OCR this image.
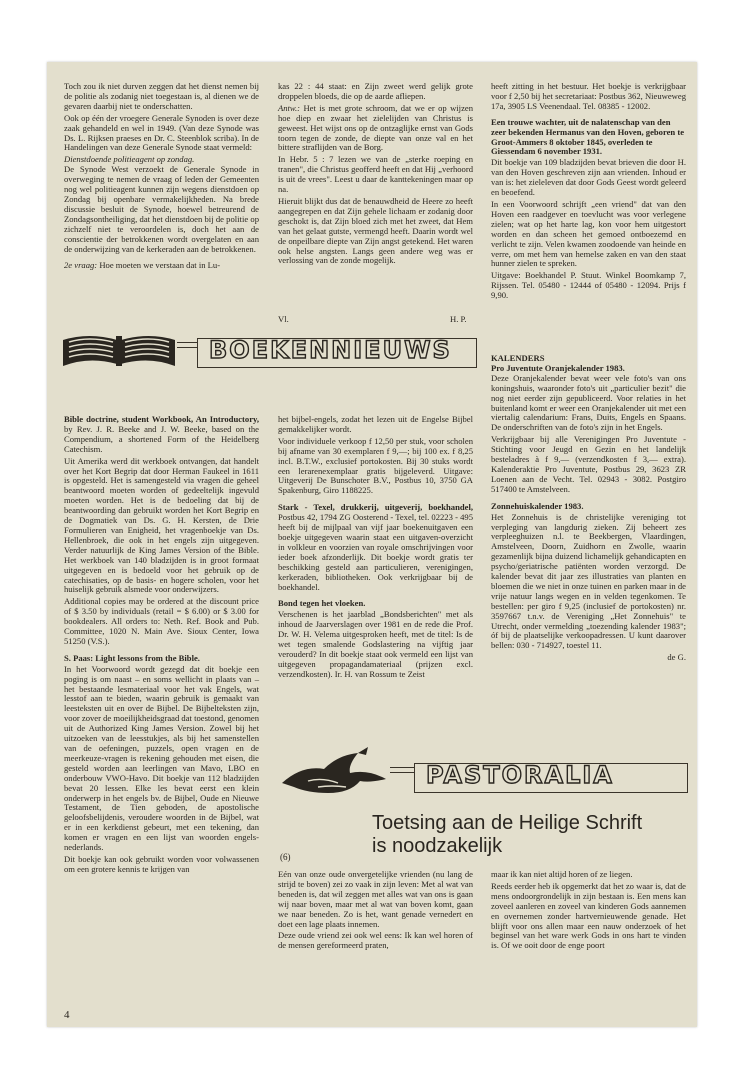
Toch zou ik niet durven zeggen dat het dienst nemen bij de politie als zodanig niet toegestaan is, al dienen we de gevaren daarbij niet te onderschatten.

Ook op één der vroegere Generale Synoden is over deze zaak gehandeld en wel in 1949. (Van deze Synode was Ds. L. Rijksen praeses en Dr. C. Steenblok scriba). In de Handelingen van deze Generale Synode staat vermeld:

Dienstdoende politieagent op zondag.

De Synode West verzoekt de Generale Synode in overweging te nemen de vraag of leden der Gemeenten nog wel politieagent kunnen zijn wegens dienstdoen op Zondag bij openbare vermakelijkheden. Na brede discussie besluit de Synode, hoewel betreurend de Zondagsontheiliging, dat het dienstdoen bij de politie op zichzelf niet te veroordelen is, doch het aan de conscientie der betrokkenen wordt overgelaten en aan de onderwijzing van de kerkeraden aan de betrokkenen.

2e vraag: Hoe moeten we verstaan dat in Lu-

kas 22 : 44 staat: en Zijn zweet werd gelijk grote droppelen bloeds, die op de aarde afliepen.

Antw.: Het is met grote schroom, dat we er op wijzen hoe diep en zwaar het zielelijden van Christus is geweest. Het wijst ons op de ontzaglijke ernst van Gods toorn tegen de zonde, de diepte van onze val en het bittere straflijden van de Borg.

In Hebr. 5 : 7 lezen we van de „sterke roeping en tranen", die Christus geofferd heeft en dat Hij „verhoord is uit de vrees". Leest u daar de kanttekeningen maar op na.

Hieruit blijkt dus dat de benauwdheid de Heere zo heeft aangegrepen en dat Zijn gehele lichaam er zodanig door geschokt is, dat Zijn bloed zich met het zweet, dat Hem van het gelaat gutste, vermengd heeft. Daarin wordt wel de onpeilbare diepte van Zijn angst getekend. Het waren ook helse angsten. Langs geen andere weg was er verlossing van de zonde mogelijk.

Vl.	H. P.

heeft zitting in het bestuur. Het boekje is verkrijgbaar voor f 2,50 bij het secretariaat: Postbus 362, Nieuweweg 17a, 3905 LS Veenendaal. Tel. 08385 - 12002.

Een trouwe wachter, uit de nalatenschap van den zeer bekenden Hermanus van den Hoven, geboren te Groot-Ammers 8 oktober 1845, overleden te Giessendam 6 november 1931.

Dit boekje van 109 bladzijden bevat brieven die door H. van den Hoven geschreven zijn aan vrienden. Inhoud er van is: het zieleleven dat door Gods Geest wordt geleerd en beoefend.

In een Voorwoord schrijft „een vriend" dat van den Hoven een raadgever en toevlucht was voor verlegene zielen; wat op het harte lag, kon voor hem uitgestort worden en dan scheen het gemoed ontboezemd en verlicht te zijn. Velen kwamen zoodoende van heinde en verre, om met hem van hemelse zaken en van den staat hunner zielen te spreken.

Uitgave: Boekhandel P. Stuut. Winkel Boomkamp 7, Rijssen. Tel. 05480 - 12444 of 05480 - 12094. Prijs f 9,90.

BOEKENNIEUWS

Bible doctrine, student Workbook, An Introductory, by Rev. J. R. Beeke and J. W. Beeke, based on the Compendium, a shortened Form of the Heidelberg Catechism.

Uit Amerika werd dit werkboek ontvangen, dat handelt over het Kort Begrip dat door Herman Faukeel in 1611 is opgesteld. Het is samengesteld via vragen die geheel beantwoord moeten worden of gedeeltelijk ingevuld moeten worden. Het is de bedoeling dat bij de beantwoording dan gebruikt worden het Kort Begrip en de Dogmatiek van Ds. G. H. Kersten, de Drie Formulieren van Enigheid, het vragenboekje van Ds. Hellenbroek, die ook in het engels zijn uitgegeven. Verder natuurlijk de King James Version of the Bible. Het werkboek van 140 bladzijden is in groot formaat uitgegeven en is bedoeld voor het gebruik op de catechisaties, op de basis- en hogere scholen, voor het huiselijk gebruik alsmede voor onderwijzers.

Additional copies may be ordered at the discount price of $ 3.50 by individuals (retail = $ 6.00) or $ 3.00 for bookdealers. All orders to: Neth. Ref. Book and Pub. Committee, 1020 N. Main Ave. Sioux Center, Iowa 51250 (V.S.).

S. Paas: Light lessons from the Bible.

In het Voorwoord wordt gezegd dat dit boekje een poging is om naast – en soms wellicht in plaats van – het bestaande lesmateriaal voor het vak Engels, wat lesstof aan te bieden, waarin gebruik is gemaakt van leesteksten uit en over de Bijbel. De Bijbelteksten zijn, voor zover de moeilijkheidsgraad dat toestond, genomen uit de Authorized King James Version. Zowel bij het uitzoeken van de leesstukjes, als bij het samenstellen van de oefeningen, puzzels, open vragen en de meerkeuze-vragen is rekening gehouden met eisen, die gesteld worden aan leerlingen van Mavo, LBO en onderbouw VWO-Havo. Dit boekje van 112 bladzijden bevat 20 lessen. Elke les bevat eerst een klein onderwerp in het engels bv. de Bijbel, Oude en Nieuwe Testament, de Tien geboden, de apostolische geloofsbelijdenis, veroudere woorden in de Bijbel, wat er in een kerkdienst gebeurt, met een tekening, dan komen er vragen en een lijst van woorden engels-nederlands.

Dit boekje kan ook gebruikt worden voor volwassenen om een grotere kennis te krijgen van

het bijbel-engels, zodat het lezen uit de Engelse Bijbel gemakkelijker wordt.

Voor individuele verkoop f 12,50 per stuk, voor scholen bij afname van 30 exemplaren f 9,—; bij 100 ex. f 8,25 incl. B.T.W., exclusief portokosten. Bij 30 stuks wordt een lerarenexemplaar gratis bijgeleverd. Uitgave: Uitgeverij De Bunschoter B.V., Postbus 10, 3750 GA Spakenburg, Giro 1188225.

Stark - Texel, drukkerij, uitgeverij, boekhandel, Postbus 42, 1794 ZG Oosterend - Texel, tel. 02223 - 495 heeft bij de mijlpaal van vijf jaar boekenuitgaven een boekje uitgegeven waarin staat een uitgaven-overzicht in volkleur en voorzien van royale omschrijvingen voor ieder boek afzonderlijk. Dit boekje wordt gratis ter beschikking gesteld aan particulieren, verenigingen, kerkeraden, bibliotheken. Ook verkrijgbaar bij de boekhandel.

Bond tegen het vloeken.

Verschenen is het jaarblad „Bondsberichten" met als inhoud de Jaarverslagen over 1981 en de rede die Prof. Dr. W. H. Velema uitgesproken heeft, met de titel: Is de wet tegen smalende Godslastering na vijftig jaar verouderd? In dit boekje staat ook vermeld een lijst van uitgegeven propagandamateriaal (prijzen excl. verzendkosten). Ir. H. van Rossum te Zeist

KALENDERS
Pro Juventute Oranjekalender 1983.

Deze Oranjekalender bevat weer vele foto's van ons koningshuis, waaronder foto's uit „particulier bezit" die nog niet eerder zijn gepubliceerd. Voor relaties in het buitenland komt er weer een Oranjekalender uit met een viertalig calendarium: Frans, Duits, Engels en Spaans. De onderschriften van de foto's zijn in het Engels.

Verkrijgbaar bij alle Verenigingen Pro Juventute - Stichting voor Jeugd en Gezin en het landelijk besteladres à f 9,— (verzendkosten f 3,— extra). Kalenderaktie Pro Juventute, Postbus 29, 3623 ZR Loenen aan de Vecht. Tel. 02943 - 3082. Postgiro 517400 te Amstelveen.

Zonnehuiskalender 1983.

Het Zonnehuis is de christelijke vereniging tot verpleging van langdurig zieken. Zij beheert zes verpleeghuizen n.l. te Beekbergen, Vlaardingen, Amstelveen, Doorn, Zuidhorn en Zwolle, waarin gezamenlijk bijna duizend lichamelijk gehandicapten en psycho/geriatrische patiënten worden verzorgd. De kalender bevat dit jaar zes illustraties van planten en bloemen die we niet in onze tuinen en parken maar in de vrije natuur langs wegen en in velden tegenkomen. Te bestellen: per giro f 9,25 (inclusief de portokosten) nr. 3597667 t.n.v. de Vereniging „Het Zonnehuis" te Utrecht, onder vermelding „toezending kalender 1983"; óf bij de plaatselijke verkoopadressen. U kunt daarover bellen: 030 - 714927, toestel 11.

de G.

PASTORALIA
(6)
Toetsing aan de Heilige Schrift
is noodzakelijk

Eén van onze oude onvergetelijke vrienden (nu lang de strijd te boven) zei zo vaak in zijn leven: Met al wat van beneden is, dat wil zeggen met alles wat van ons is gaan wij naar boven, maar met al wat van boven komt, gaan we naar beneden. Zo is het, want genade vernedert en doet een lage plaats innemen.

Deze oude vriend zei ook wel eens: Ik kan wel horen of de mensen gereformeerd praten,

maar ik kan niet altijd horen of ze liegen.

Reeds eerder heb ik opgemerkt dat het zo waar is, dat de mens ondoorgrondelijk in zijn bestaan is. Een mens kan zoveel aanleren en zoveel van kinderen Gods aannemen en overnemen zonder hartvernieuwende genade. Het blijft voor ons allen maar een nauw onderzoek of het beginsel van het ware werk Gods in ons hart te vinden is. Of we ooit door de enge poort

4
